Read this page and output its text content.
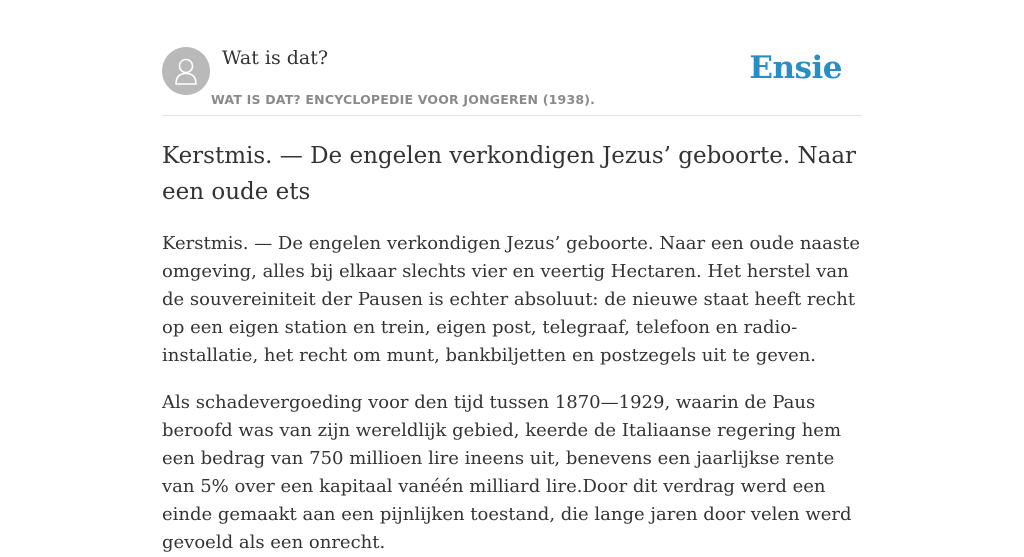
Wat is dat?
WAT IS DAT? ENCYCLOPEDIE VOOR JONGEREN (1938).
Ensie
Kerstmis. — De engelen verkondigen Jezus’ geboorte. Naar een oude ets

Kerstmis. — De engelen verkondigen Jezus’ geboorte. Naar een oude naaste omgeving, alles bij elkaar slechts vier en veertig Hectaren. Het herstel van de souvereiniteit der Pausen is echter absoluut: de nieuwe staat heeft recht op een eigen station en trein, eigen post, telegraaf, telefoon en radio-installatie, het recht om munt, bankbiljetten en postzegels uit te geven.

Als schadevergoeding voor den tijd tussen 1870—1929, waarin de Paus beroofd was van zijn wereldlijk gebied, keerde de Italiaanse regering hem een bedrag van 750 millioen lire ineens uit, benevens een jaarlijkse rente van 5% over een kapitaal vanéén milliard lire.Door dit verdrag werd een einde gemaakt aan een pijnlijken toestand, die lange jaren door velen werd gevoeld als een onrecht.
